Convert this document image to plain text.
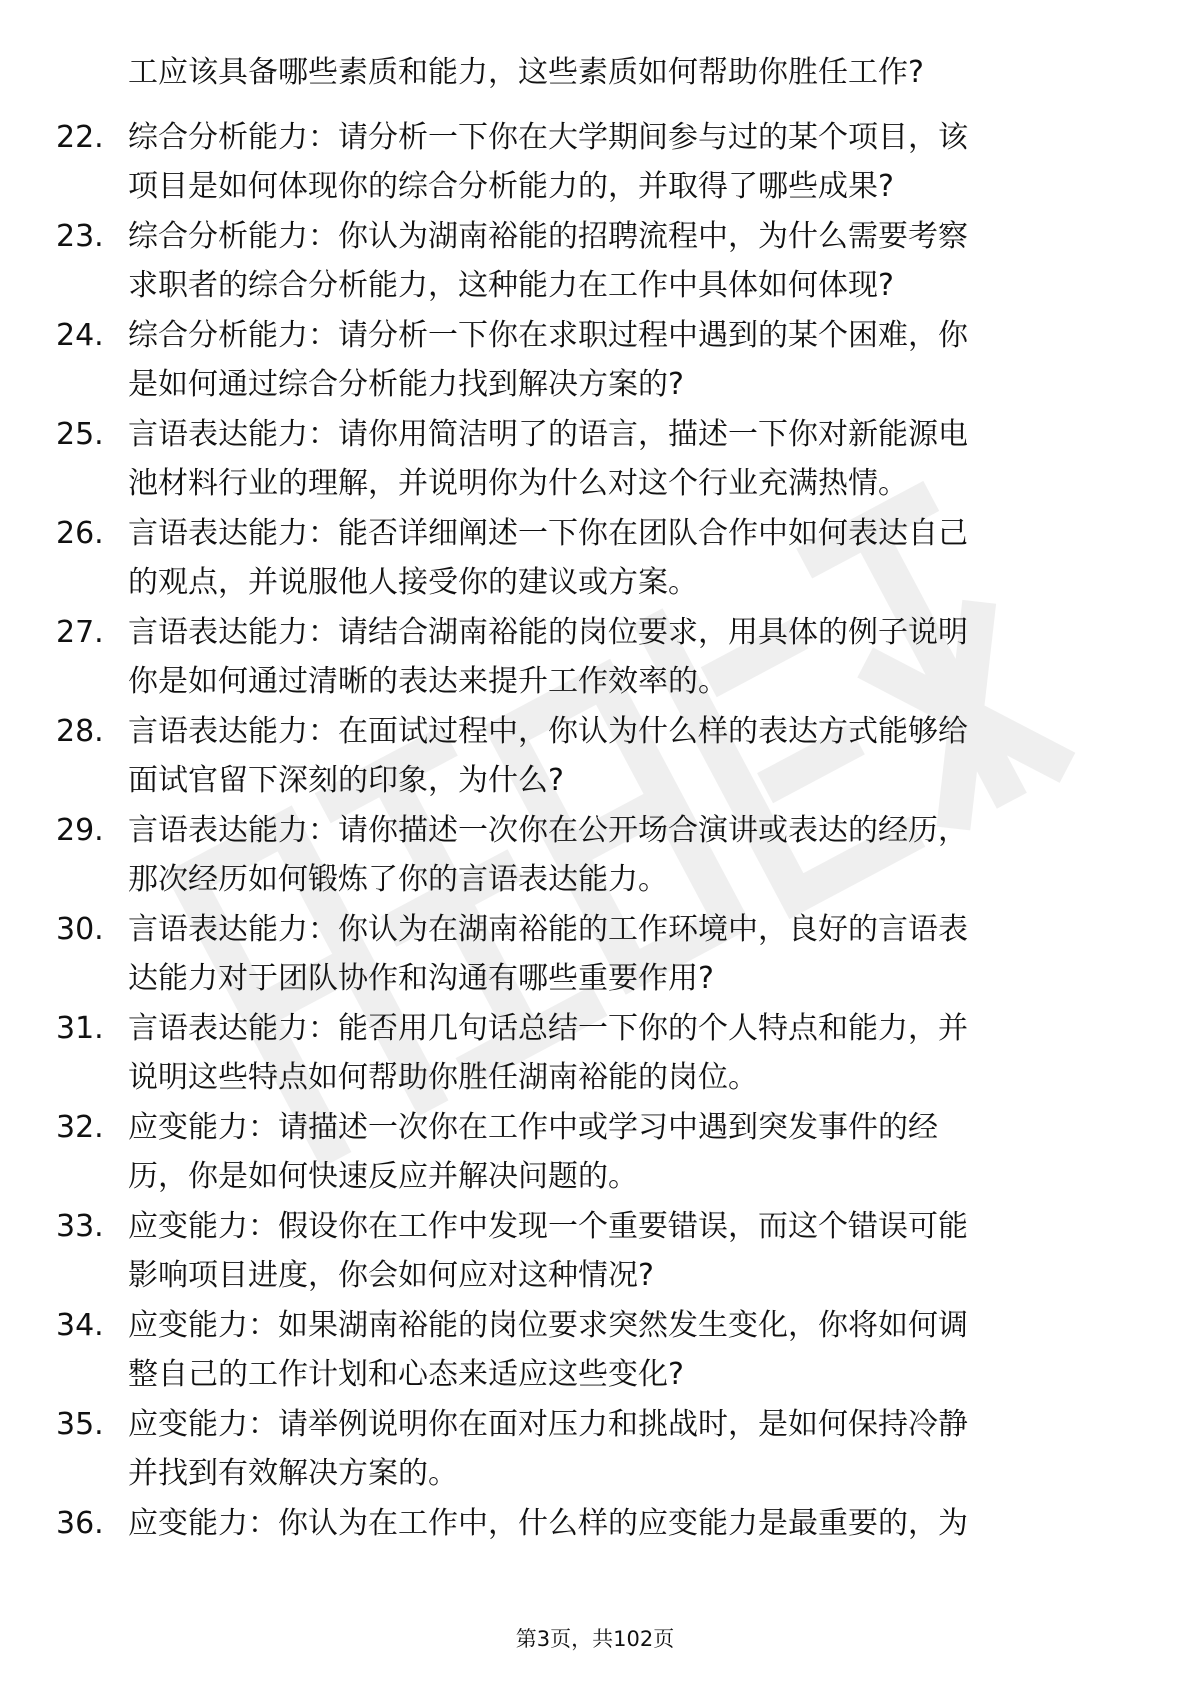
工应该具备哪些素质和能力，这些素质如何帮助你胜任工作?
22. 综合分析能力：请分析一下你在大学期间参与过的某个项目，该
项目是如何体现你的综合分析能力的，并取得了哪些成果?
23. 综合分析能力：你认为湖南裕能的招聘流程中，为什么需要考察
求职者的综合分析能力，这种能力在工作中具体如何体现?
24. 综合分析能力：请分析一下你在求职过程中遇到的某个困难，你
是如何通过综合分析能力找到解决方案的?
25. 言语表达能力：请你用简洁明了的语言，描述一下你对新能源电
池材料行业的理解，并说明你为什么对这个行业充满热情。
26. 言语表达能力：能否详细阐述一下你在团队合作中如何表达自己
的观点，并说服他人接受你的建议或方案。
27. 言语表达能力：请结合湖南裕能的岗位要求，用具体的例子说明
你是如何通过清晰的表达来提升工作效率的。
28. 言语表达能力：在面试过程中，你认为什么样的表达方式能够给
面试官留下深刻的印象，为什么?
29. 言语表达能力：请你描述一次你在公开场合演讲或表达的经历，
那次经历如何锻炼了你的言语表达能力。
30. 言语表达能力：你认为在湖南裕能的工作环境中，良好的言语表
达能力对于团队协作和沟通有哪些重要作用?
31. 言语表达能力：能否用几句话总结一下你的个人特点和能力，并
说明这些特点如何帮助你胜任湖南裕能的岗位。
32. 应变能力：请描述一次你在工作中或学习中遇到突发事件的经
历，你是如何快速反应并解决问题的。
33. 应变能力：假设你在工作中发现一个重要错误，而这个错误可能
影响项目进度，你会如何应对这种情况?
34. 应变能力：如果湖南裕能的岗位要求突然发生变化，你将如何调
整自己的工作计划和心态来适应这些变化?
35. 应变能力：请举例说明你在面对压力和挑战时，是如何保持冷静
并找到有效解决方案的。
36. 应变能力：你认为在工作中，什么样的应变能力是最重要的，为
第3页，共102页
